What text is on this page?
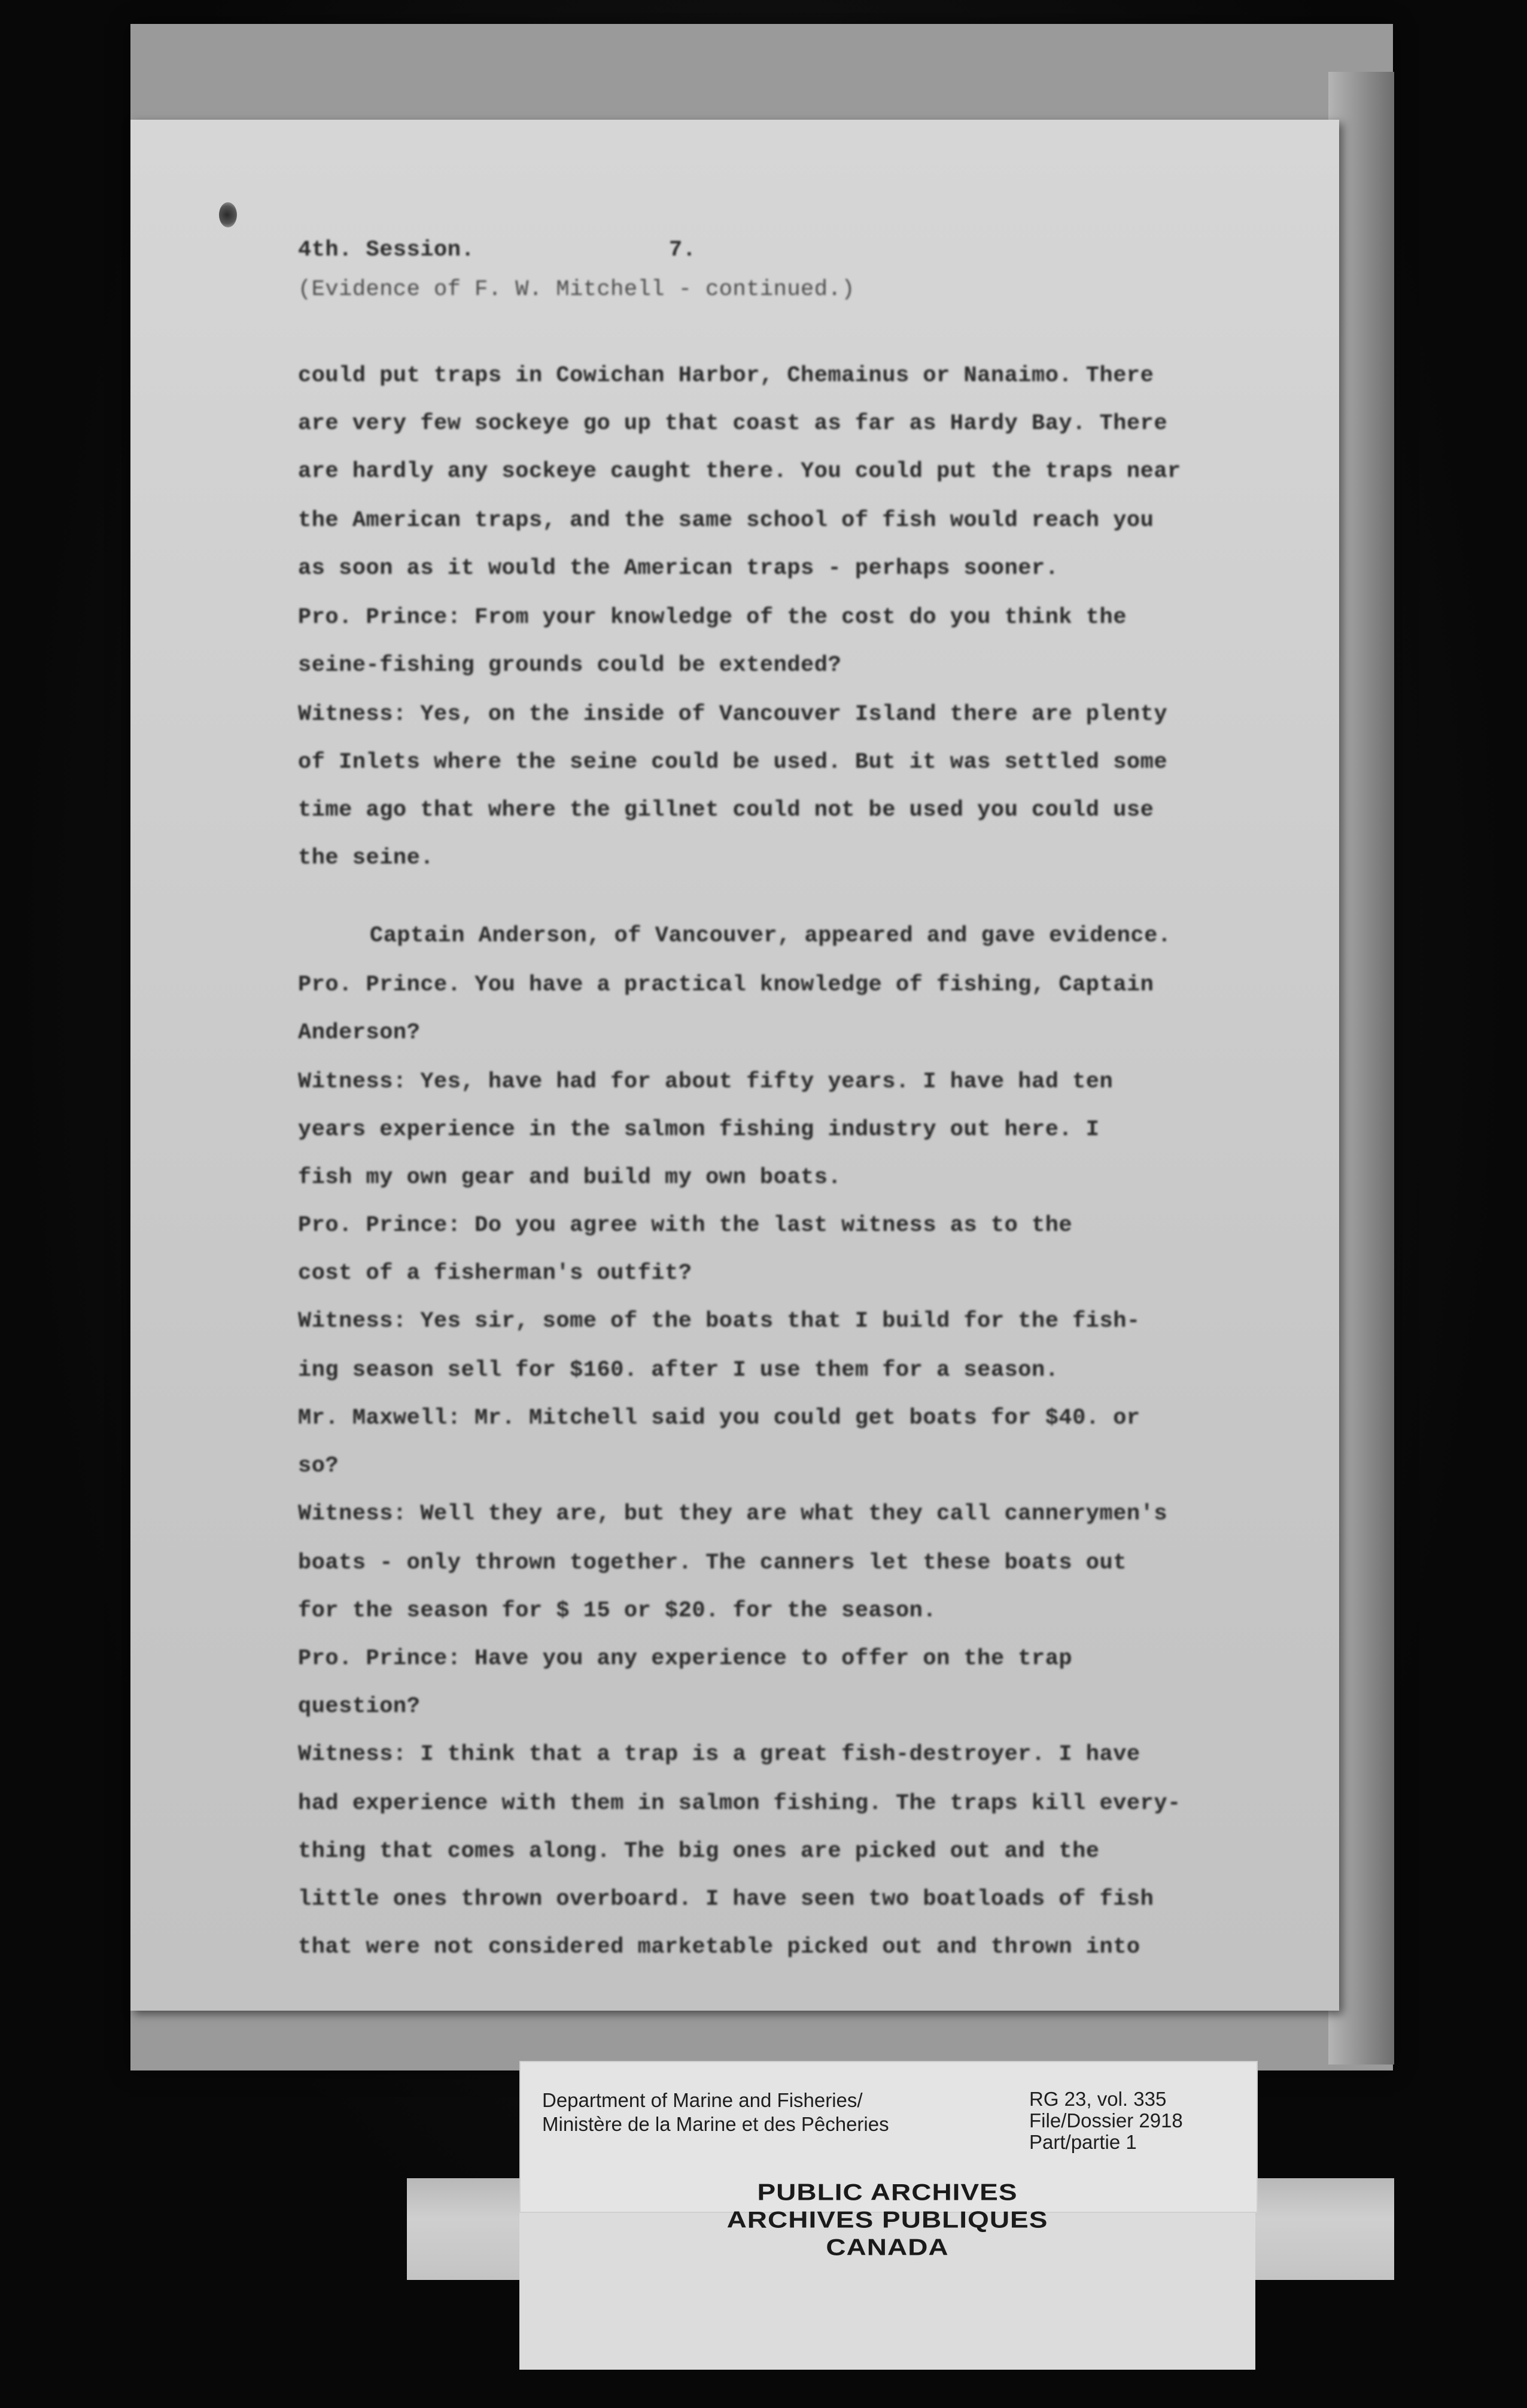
4th. Session.	7.
(Evidence of F. W. Mitchell - continued.)
could put traps in Cowichan Harbor, Chemainus or Nanaimo. There
are very few sockeye go up that coast as far as Hardy Bay. There
are hardly any sockeye caught there. You could put the traps near
the American traps, and the same school of fish would reach you
as soon as it would the American traps - perhaps sooner.
Pro. Prince: From your knowledge of the cost do you think the
seine-fishing grounds could be extended?
Witness: Yes, on the inside of Vancouver Island there are plenty
of Inlets where the seine could be used. But it was settled some
time ago that where the gillnet could not be used you could use
the seine.
Captain Anderson, of Vancouver, appeared and gave evidence.
Pro. Prince. You have a practical knowledge of fishing, Captain
Anderson?
Witness: Yes, have had for about fifty years. I have had ten
years experience in the salmon fishing industry out here. I
fish my own gear and build my own boats.
Pro. Prince: Do you agree with the last witness as to the
cost of a fisherman's outfit?
Witness: Yes sir, some of the boats that I build for the fish-
ing season sell for $160. after I use them for a season.
Mr. Maxwell: Mr. Mitchell said you could get boats for $40. or
so?
Witness: Well they are, but they are what they call cannerymen's
boats - only thrown together. The canners let these boats out
for the season for $ 15 or $20. for the season.
Pro. Prince: Have you any experience to offer on the trap
question?
Witness: I think that a trap is a great fish-destroyer. I have
had experience with them in salmon fishing. The traps kill every-
thing that comes along. The big ones are picked out and the
little ones thrown overboard. I have seen two boatloads of fish
that were not considered marketable picked out and thrown into
Department of Marine and Fisheries/
Ministère de la Marine et des Pêcheries
RG 23, vol. 335
File/Dossier 2918
Part/partie 1
PUBLIC ARCHIVES
ARCHIVES PUBLIQUES
CANADA
